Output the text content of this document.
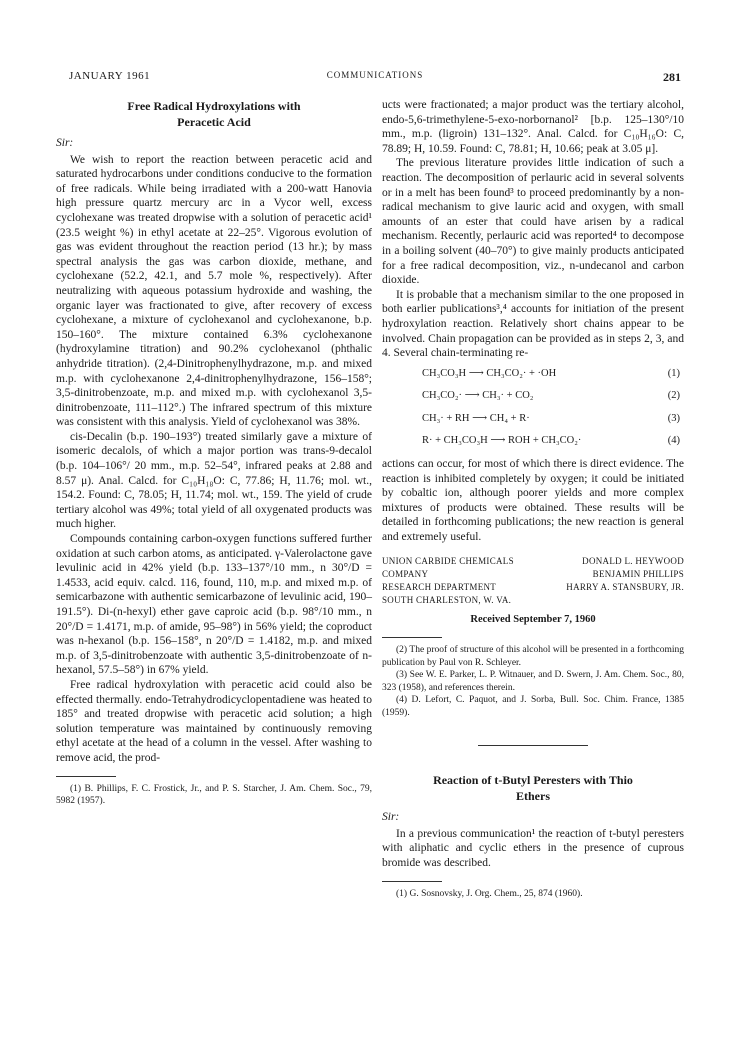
JANUARY 1961	COMMUNICATIONS	281
Free Radical Hydroxylations with
Peracetic Acid
Sir:

We wish to report the reaction between peracetic acid and saturated hydrocarbons under conditions conducive to the formation of free radicals. While being irradiated with a 200-watt Hanovia high pressure quartz mercury arc in a Vycor well, excess cyclohexane was treated dropwise with a solution of peracetic acid¹ (23.5 weight %) in ethyl acetate at 22–25°. Vigorous evolution of gas was evident throughout the reaction period (13 hr.); by mass spectral analysis the gas was carbon dioxide, methane, and cyclohexane (52.2, 42.1, and 5.7 mole %, respectively). After neutralizing with aqueous potassium hydroxide and washing, the organic layer was fractionated to give, after recovery of excess cyclohexane, a mixture of cyclohexanol and cyclohexanone, b.p. 150–160°. The mixture contained 6.3% cyclohexanone (hydroxylamine titration) and 90.2% cyclohexanol (phthalic anhydride titration). (2,4-Dinitrophenylhydrazone, m.p. and mixed m.p. with cyclohexanone 2,4-dinitrophenylhydrazone, 156–158°; 3,5-dinitrobenzoate, m.p. and mixed m.p. with cyclohexanol 3,5-dinitrobenzoate, 111–112°.) The infrared spectrum of this mixture was consistent with this analysis. Yield of cyclohexanol was 38%.

cis-Decalin (b.p. 190–193°) treated similarly gave a mixture of isomeric decalols, of which a major portion was trans-9-decalol (b.p. 104–106°/ 20 mm., m.p. 52–54°, infrared peaks at 2.88 and 8.57 μ). Anal. Calcd. for C₁₀H₁₈O: C, 77.86; H, 11.76; mol. wt., 154.2. Found: C, 78.05; H, 11.74; mol. wt., 159. The yield of crude tertiary alcohol was 49%; total yield of all oxygenated products was much higher.

Compounds containing carbon-oxygen functions suffered further oxidation at such carbon atoms, as anticipated. γ-Valerolactone gave levulinic acid in 42% yield (b.p. 133–137°/10 mm., n 30°/D = 1.4533, acid equiv. calcd. 116, found, 110, m.p. and mixed m.p. of semicarbazone with authentic semicarbazone of levulinic acid, 190–191.5°). Di-(n-hexyl) ether gave caproic acid (b.p. 98°/10 mm., n 20°/D = 1.4171, m.p. of amide, 95–98°) in 56% yield; the coproduct was n-hexanol (b.p. 156–158°, n 20°/D = 1.4182, m.p. and mixed m.p. of 3,5-dinitrobenzoate with authentic 3,5-dinitrobenzoate of n-hexanol, 57.5–58°) in 67% yield.

Free radical hydroxylation with peracetic acid could also be effected thermally. endo-Tetrahydrodicyclopentadiene was heated to 185° and treated dropwise with peracetic acid solution; a high solution temperature was maintained by continuously removing ethyl acetate at the head of a column in the vessel. After washing to remove acid, the prod-

(1) B. Phillips, F. C. Frostick, Jr., and P. S. Starcher, J. Am. Chem. Soc., 79, 5982 (1957).

ucts were fractionated; a major product was the tertiary alcohol, endo-5,6-trimethylene-5-exo-norbornanol² [b.p. 125–130°/10 mm., m.p. (ligroin) 131–132°. Anal. Calcd. for C₁₀H₁₆O: C, 78.89; H, 10.59. Found: C, 78.81; H, 10.66; peak at 3.05 μ].

The previous literature provides little indication of such a reaction. The decomposition of perlauric acid in several solvents or in a melt has been found³ to proceed predominantly by a non-radical mechanism to give lauric acid and oxygen, with small amounts of an ester that could have arisen by a radical mechanism. Recently, perlauric acid was reported⁴ to decompose in a boiling solvent (40–70°) to give mainly products anticipated for a free radical decomposition, viz., n-undecanol and carbon dioxide.

It is probable that a mechanism similar to the one proposed in both earlier publications³,⁴ accounts for initiation of the present hydroxylation reaction. Relatively short chains appear to be involved. Chain propagation can be provided as in steps 2, 3, and 4. Several chain-terminating re-

CH₃CO₃H ⟶ CH₃CO₂· + ·OH	(1)
CH₃CO₂· ⟶ CH₃· + CO₂	(2)
CH₃· + RH ⟶ CH₄ + R·	(3)
R· + CH₃CO₃H ⟶ ROH + CH₃CO₂·	(4)

actions can occur, for most of which there is direct evidence. The reaction is inhibited completely by oxygen; it could be initiated by cobaltic ion, although poorer yields and more complex mixtures of products were obtained. These results will be detailed in forthcoming publications; the new reaction is general and extremely useful.

UNION CARBIDE CHEMICALS	DONALD L. HEYWOOD
COMPANY	BENJAMIN PHILLIPS
RESEARCH DEPARTMENT	HARRY A. STANSBURY, JR.
SOUTH CHARLESTON, W. VA.
Received September 7, 1960
(2) The proof of structure of this alcohol will be presented in a forthcoming publication by Paul von R. Schleyer.
(3) See W. E. Parker, L. P. Witnauer, and D. Swern, J. Am. Chem. Soc., 80, 323 (1958), and references therein.
(4) D. Lefort, C. Paquot, and J. Sorba, Bull. Soc. Chim. France, 1385 (1959).
Reaction of t-Butyl Peresters with Thio
Ethers
Sir:

In a previous communication¹ the reaction of t-butyl peresters with aliphatic and cyclic ethers in the presence of cuprous bromide was described.

(1) G. Sosnovsky, J. Org. Chem., 25, 874 (1960).
